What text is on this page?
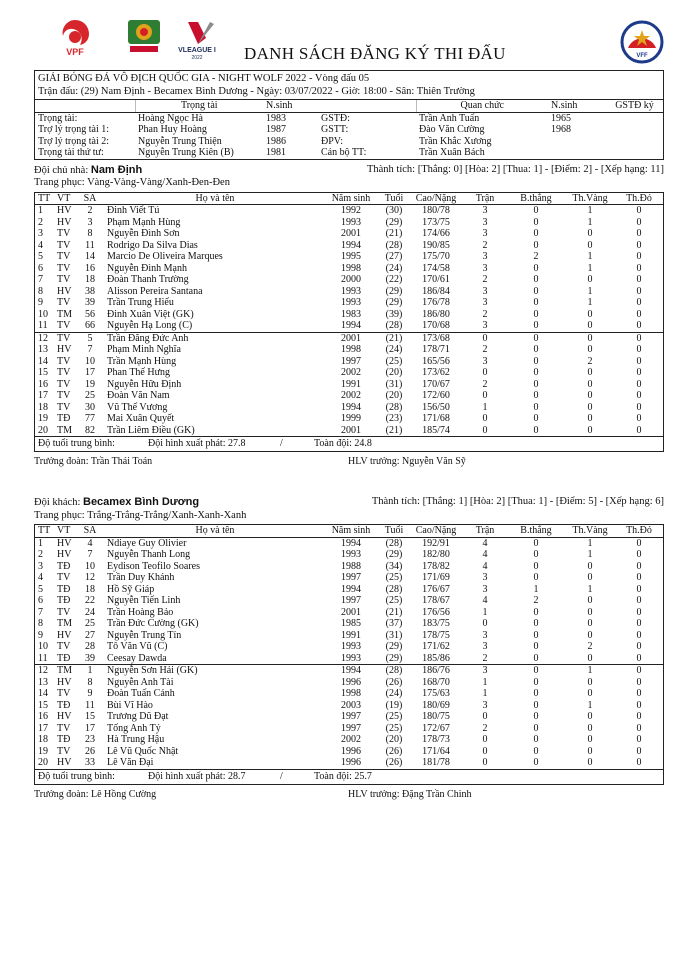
VPF	VLEAGUE I
2022 DANH SÁCH ĐĂNG KÝ THI ĐẤU	VFF
GIẢI BÓNG ĐÁ VÔ ĐỊCH QUỐC GIA - NIGHT WOLF 2022 - Vòng đấu 05
Trận đấu: (29) Nam Định - Becamex Bình Dương - Ngày: 03/07/2022 - Giờ: 18:00 - Sân: Thiên Trường
	Trọng tài	N.sinh		Quan chức	N.sinh	GSTĐ ký
Trọng tài:	Hoàng Ngọc Hà	1983	GSTĐ:	Trần Anh Tuấn	1965	
Trợ lý trọng tài 1:	Phan Huy Hoàng	1987	GSTT:	Đào Văn Cường	1968	
Trợ lý trọng tài 2:	Nguyễn Trung Thiện	1986	ĐPV:	Trần Khắc Xương		
Trọng tài thứ tư:	Nguyễn Trung Kiên (B)	1981	Cán bộ TT:	Trần Xuân Bách		
Đội chủ nhà: Nam Định	Thành tích: [Thắng: 0] [Hòa: 2] [Thua: 1] - [Điểm: 2] - [Xếp hạng: 11]
Trang phục: Vàng-Vàng-Vàng/Xanh-Đen-Đen
TT	VT	SA	Họ và tên	Năm sinh	Tuổi	Cao/Nặng	Trận	B.thắng	Th.Vàng	Th.Đỏ
1	HV	2	Đinh Viết Tú	1992	(30)	180/78	3	0	1	0
2	HV	3	Phạm Mạnh Hùng	1993	(29)	173/75	3	0	1	0
3	TV	8	Nguyễn Đình Sơn	2001	(21)	174/66	3	0	0	0
4	TV	11	Rodrigo Da Silva Dias	1994	(28)	190/85	2	0	0	0
5	TV	14	Marcio De Oliveira Marques	1995	(27)	175/70	3	2	1	0
6	TV	16	Nguyễn Đình Mạnh	1998	(24)	174/58	3	0	1	0
7	TV	18	Đoàn Thanh Trường	2000	(22)	170/61	2	0	0	0
8	HV	38	Alisson Pereira Santana	1993	(29)	186/84	3	0	1	0
9	TV	39	Trần Trung Hiếu	1993	(29)	176/78	3	0	1	0
10	TM	56	Đinh Xuân Việt (GK)	1983	(39)	186/80	2	0	0	0
11	TV	66	Nguyễn Hạ Long (C)	1994	(28)	170/68	3	0	0	0
12	TV	5	Trần Đăng Đức Anh	2001	(21)	173/68	0	0	0	0
13	HV	7	Phạm Minh Nghĩa	1998	(24)	178/71	2	0	0	0
14	TV	10	Trần Mạnh Hùng	1997	(25)	165/56	3	0	2	0
15	TV	17	Phan Thế Hưng	2002	(20)	173/62	0	0	0	0
16	TV	19	Nguyễn Hữu Định	1991	(31)	170/67	2	0	0	0
17	TV	25	Đoàn Văn Nam	2002	(20)	172/60	0	0	0	0
18	TV	30	Vũ Thế Vương	1994	(28)	156/50	1	0	0	0
19	TĐ	77	Mai Xuân Quyết	1999	(23)	171/68	0	0	0	0
20	TM	82	Trần Liêm Điều (GK)	2001	(21)	185/74	0	0	0	0
Độ tuổi trung bình:	Đội hình xuất phát: 27.8	/	Toàn đội: 24.8
Trưởng đoàn: Trần Thái Toán	HLV trưởng: Nguyễn Văn Sỹ
Đội khách: Becamex Bình Dương	Thành tích: [Thắng: 1] [Hòa: 2] [Thua: 1] - [Điểm: 5] - [Xếp hạng: 6]
Trang phục: Trắng-Trắng-Trắng/Xanh-Xanh-Xanh
TT	VT	SA	Họ và tên	Năm sinh	Tuổi	Cao/Nặng	Trận	B.thắng	Th.Vàng	Th.Đỏ
1	HV	4	Ndiaye Guy Olivier	1994	(28)	192/91	4	0	1	0
2	HV	7	Nguyễn Thanh Long	1993	(29)	182/80	4	0	1	0
3	TĐ	10	Eydison Teofilo Soares	1988	(34)	178/82	4	0	0	0
4	TV	12	Trần Duy Khánh	1997	(25)	171/69	3	0	0	0
5	TĐ	18	Hồ Sỹ Giáp	1994	(28)	176/67	3	1	1	0
6	TĐ	22	Nguyễn Tiến Linh	1997	(25)	178/67	4	2	0	0
7	TV	24	Trần Hoàng Bảo	2001	(21)	176/56	1	0	0	0
8	TM	25	Trần Đức Cường (GK)	1985	(37)	183/75	0	0	0	0
9	HV	27	Nguyễn Trung Tín	1991	(31)	178/75	3	0	0	0
10	TV	28	Tô Văn Vũ (C)	1993	(29)	171/62	3	0	2	0
11	TĐ	39	Ceesay Dawda	1993	(29)	185/86	2	0	0	0
12	TM	1	Nguyễn Sơn Hải (GK)	1994	(28)	186/76	3	0	1	0
13	HV	8	Nguyễn Anh Tài	1996	(26)	168/70	1	0	0	0
14	TV	9	Đoàn Tuấn Cảnh	1998	(24)	175/63	1	0	0	0
15	TĐ	11	Bùi Vĩ Hào	2003	(19)	180/69	3	0	1	0
16	HV	15	Trương Dũ Đạt	1997	(25)	180/75	0	0	0	0
17	TV	17	Tống Anh Tỷ	1997	(25)	172/67	2	0	0	0
18	TĐ	23	Hà Trung Hậu	2002	(20)	178/73	0	0	0	0
19	TV	26	Lê Vũ Quốc Nhật	1996	(26)	171/64	0	0	0	0
20	HV	33	Lê Văn Đại	1996	(26)	181/78	0	0	0	0
Độ tuổi trung bình:	Đội hình xuất phát: 28.7	/	Toàn đội: 25.7
Trưởng đoàn: Lê Hồng Cường	HLV trưởng: Đặng Trần Chinh
